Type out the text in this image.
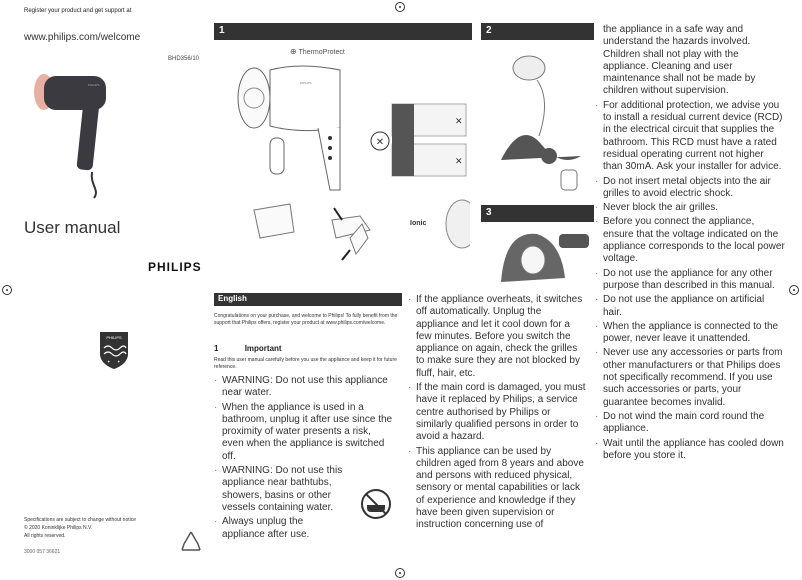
Register your product and get support at
www.philips.com/welcome
BHD356/10
PHILIPS
User manual
PHILIPS
PHILIPS
✦ ✦
Specifications are subject to change without notice
© 2020 Koninklijke Philips N.V.
All rights reserved.
3000 057 36621
1
⊕ ThermoProtect
PHILIPS
✕
✕
✕
Ionic
2
3
English
Congratulations on your purchase, and welcome to Philips! To fully benefit from the support that Philips offers, register your product at www.philips.com/welcome.
1	Important
Read this user manual carefully before you use the appliance and keep it for future reference.
· WARNING: Do not use this appliance near water.
· When the appliance is used in a bathroom, unplug it after use since the proximity of water presents a risk, even when the appliance is switched off.
· WARNING: Do not use this appliance near bathtubs, showers, basins or other vessels containing water.
· Always unplug the appliance after use.
· If the appliance overheats, it switches off automatically. Unplug the appliance and let it cool down for a few minutes. Before you switch the appliance on again, check the grilles to make sure they are not blocked by fluff, hair, etc.
· If the main cord is damaged, you must have it replaced by Philips, a service centre authorised by Philips or similarly qualified persons in order to avoid a hazard.
· This appliance can be used by children aged from 8 years and above and persons with reduced physical, sensory or mental capabilities or lack of experience and knowledge if they have been given supervision or instruction concerning use of
the appliance in a safe way and understand the hazards involved. Children shall not play with the appliance. Cleaning and user maintenance shall not be made by children without supervision.
· For additional protection, we advise you to install a residual current device (RCD) in the electrical circuit that supplies the bathroom. This RCD must have a rated residual operating current not higher than 30mA. Ask your installer for advice.
· Do not insert metal objects into the air grilles to avoid electric shock.
· Never block the air grilles.
· Before you connect the appliance, ensure that the voltage indicated on the appliance corresponds to the local power voltage.
· Do not use the appliance for any other purpose than described in this manual.
· Do not use the appliance on artificial hair.
· When the appliance is connected to the power, never leave it unattended.
· Never use any accessories or parts from other manufacturers or that Philips does not specifically recommend. If you use such accessories or parts, your guarantee becomes invalid.
· Do not wind the main cord round the appliance.
· Wait until the appliance has cooled down before you store it.
